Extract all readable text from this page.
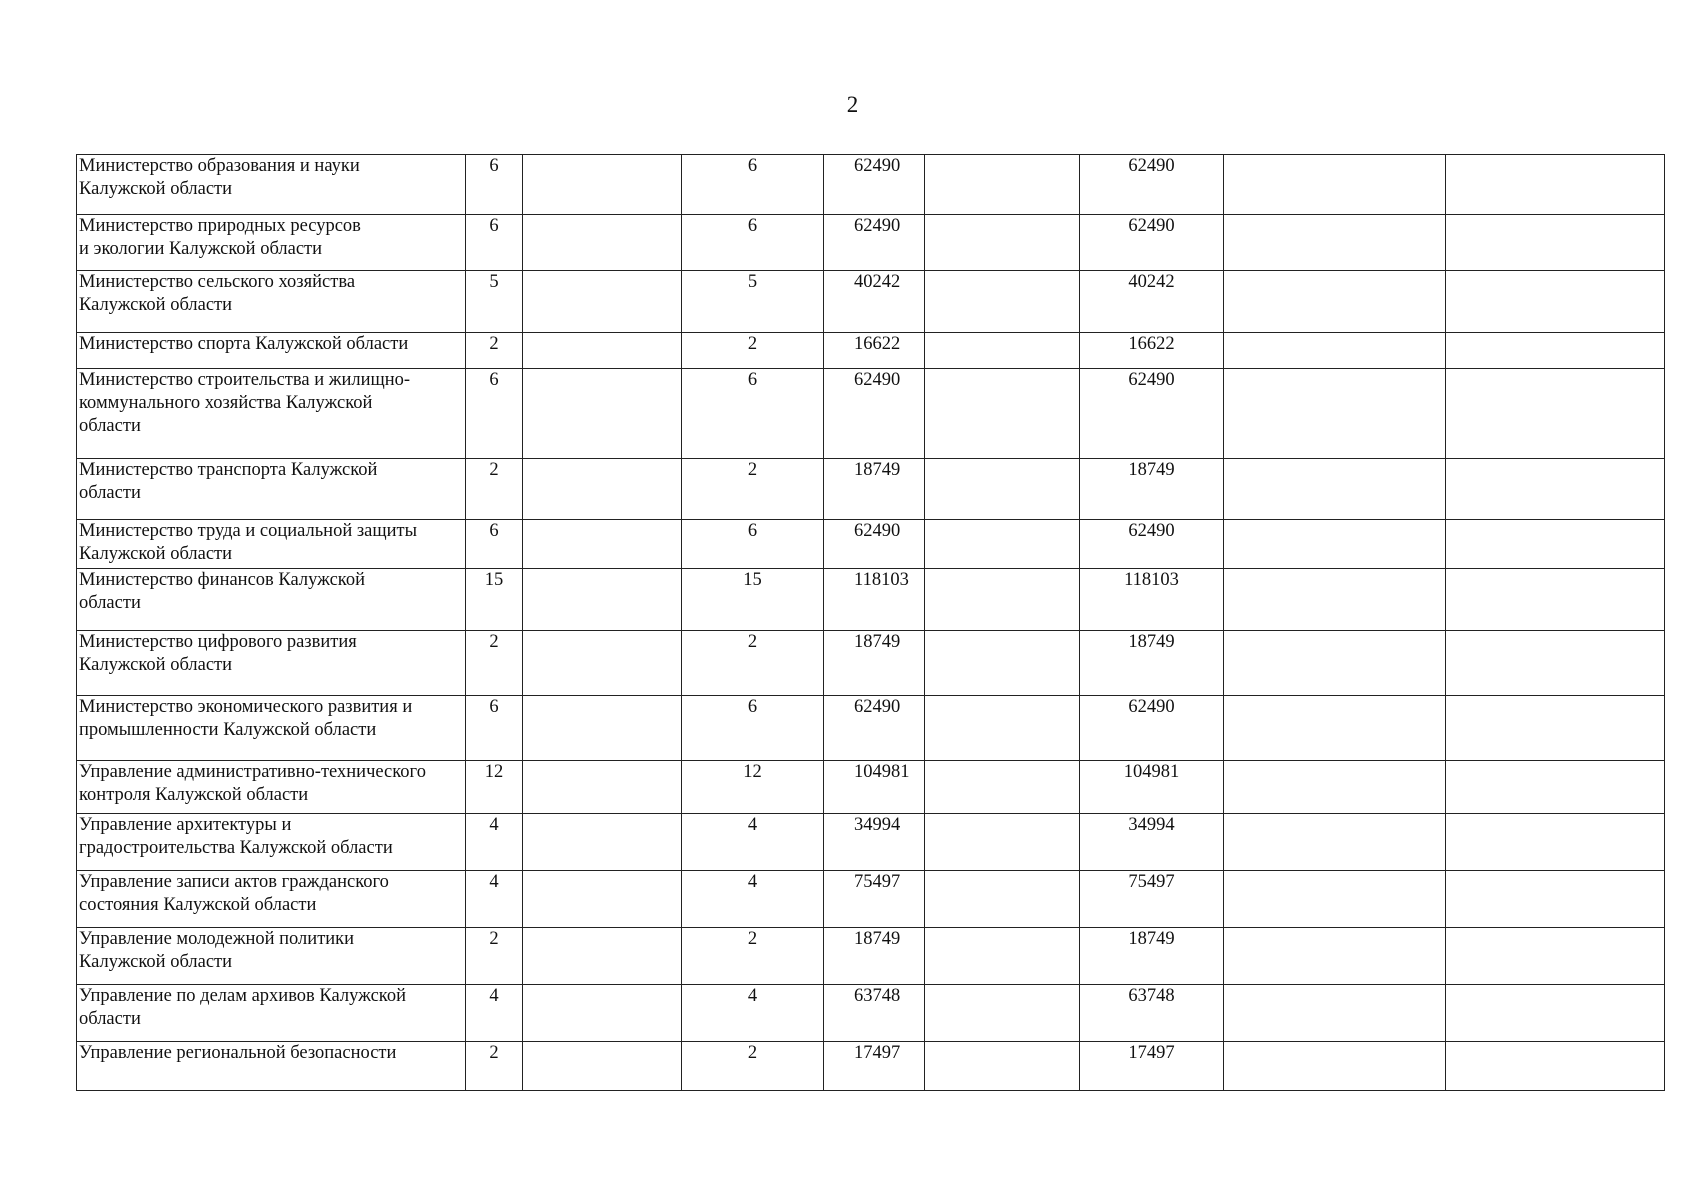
2
Министерство образования и науки
Калужской области	6		6	62490		62490		
Министерство природных ресурсов
и экологии Калужской области	6		6	62490		62490		
Министерство сельского хозяйства
Калужской области	5		5	40242		40242		
Министерство спорта Калужской области	2		2	16622		16622		
Министерство строительства и жилищно-
коммунального хозяйства Калужской
области	6		6	62490		62490		
Министерство транспорта Калужской
области	2		2	18749		18749		
Министерство труда и социальной защиты
Калужской области	6		6	62490		62490		
Министерство финансов Калужской
области	15		15	118103		118103		
Министерство цифрового развития
Калужской области	2		2	18749		18749		
Министерство экономического развития и
промышленности Калужской области	6		6	62490		62490		
Управление административно-технического
контроля Калужской области	12		12	104981		104981		
Управление архитектуры и
градостроительства Калужской области	4		4	34994		34994		
Управление записи актов гражданского
состояния Калужской области	4		4	75497		75497		
Управление молодежной политики
Калужской области	2		2	18749		18749		
Управление по делам архивов Калужской
области	4		4	63748		63748		
Управление региональной безопасности	2		2	17497		17497		
